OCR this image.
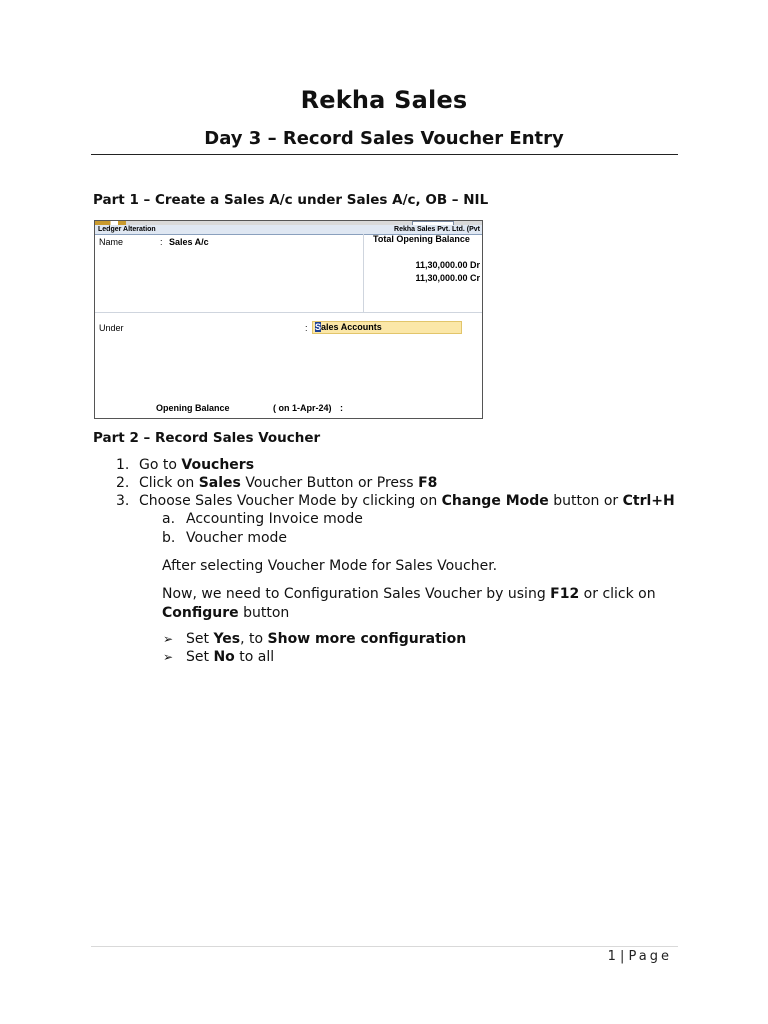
Rekha Sales
Day 3 – Record Sales Voucher Entry
Part 1 – Create a Sales A/c under Sales A/c, OB – NIL
Ledger Alteration	Rekha Sales Pvt. Ltd. (Pvt
Name	: Sales A/c	Total Opening Balance
11,30,000.00 Dr
11,30,000.00 Cr
Under	: Sales Accounts
Opening Balance	( on 1-Apr-24) :
Part 2 – Record Sales Voucher
1. Go to Vouchers
2. Click on Sales Voucher Button or Press F8
3. Choose Sales Voucher Mode by clicking on Change Mode button or Ctrl+H
a. Accounting Invoice mode
b. Voucher mode
After selecting Voucher Mode for Sales Voucher.
Now, we need to Configuration Sales Voucher by using F12 or click on
Configure button
➢ Set Yes, to Show more configuration
➢ Set No to all
1 | Page
